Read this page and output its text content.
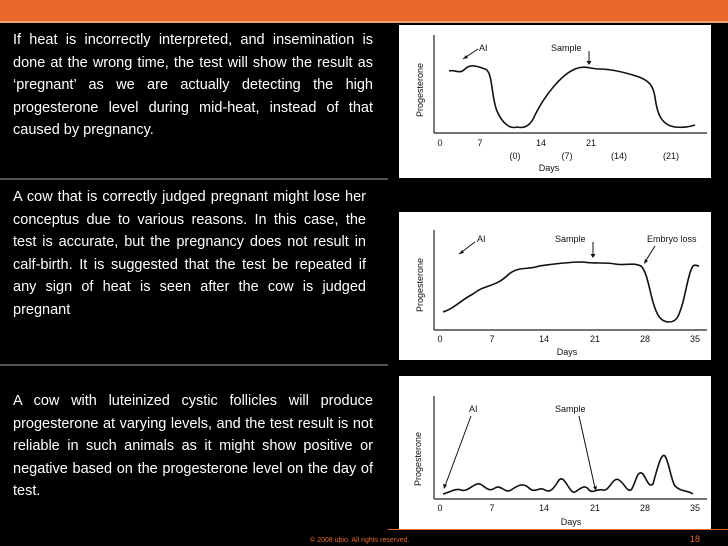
If heat is incorrectly interpreted, and insemination is done at the wrong time, the test will show the result as ‘pregnant’ as we are actually detecting the high progesterone level during mid-heat, instead of that caused by pregnancy.
A cow that is correctly judged pregnant might lose her conceptus due to various reasons. In this case, the test is accurate, but the pregnancy does not result in calf-birth. It is suggested that the test be repeated if any sign of heat is seen after the cow is judged pregnant
A cow with luteinized cystic follicles will produce progesterone at varying levels, and the test result is not reliable in such animals as it might show positive or negative based on the progesterone level on the day of test.
Progesterone
0	7	14	21
(0)	(7)	(14)	(21)
Days
AI	Sample
Progesterone
0	7	14	21	28	35
Days
AI	Sample	Embryo loss
Progesterone
0	7	14	21	28	35
Days
AI	Sample
© 2008 ubio. All rights reserved.	18
